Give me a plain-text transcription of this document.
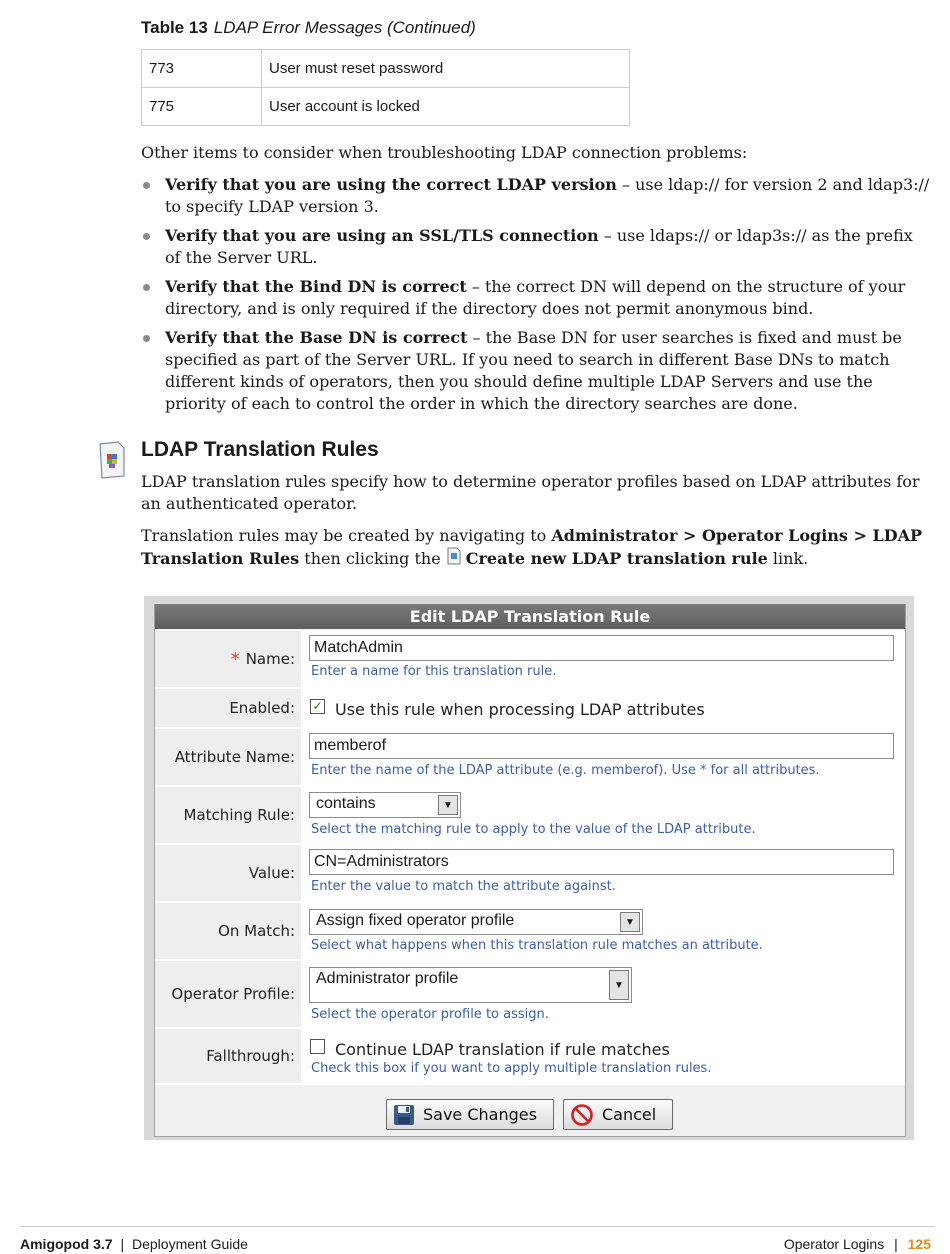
Table 13 LDAP Error Messages (Continued)
773	User must reset password
775	User account is locked
Other items to consider when troubleshooting LDAP connection problems:
Verify that you are using the correct LDAP version – use ldap:// for version 2 and ldap3:// to specify LDAP version 3.
Verify that you are using an SSL/TLS connection – use ldaps:// or ldap3s:// as the prefix of the Server URL.
Verify that the Bind DN is correct – the correct DN will depend on the structure of your directory, and is only required if the directory does not permit anonymous bind.
Verify that the Base DN is correct – the Base DN for user searches is fixed and must be specified as part of the Server URL. If you need to search in different Base DNs to match different kinds of operators, then you should define multiple LDAP Servers and use the priority of each to control the order in which the directory searches are done.
LDAP Translation Rules
LDAP translation rules specify how to determine operator profiles based on LDAP attributes for an authenticated operator.
Translation rules may be created by navigating to Administrator > Operator Logins > LDAP Translation Rules then clicking the Create new LDAP translation rule link.
Edit LDAP Translation Rule
* Name:
MatchAdmin
Enter a name for this translation rule.
Enabled:	✓ Use this rule when processing LDAP attributes
Attribute Name:
memberof
Enter the name of the LDAP attribute (e.g. memberof). Use * for all attributes.
Matching Rule:
contains	▼
Select the matching rule to apply to the value of the LDAP attribute.
Value:
CN=Administrators
Enter the value to match the attribute against.
On Match:
Assign fixed operator profile	▼
Select what happens when this translation rule matches an attribute.
Operator Profile:
Administrator profile	▼
Select the operator profile to assign.
Fallthrough:	Continue LDAP translation if rule matches
Check this box if you want to apply multiple translation rules.
Save Changes	Cancel
Amigopod 3.7 | Deployment Guide	Operator Logins | 125
